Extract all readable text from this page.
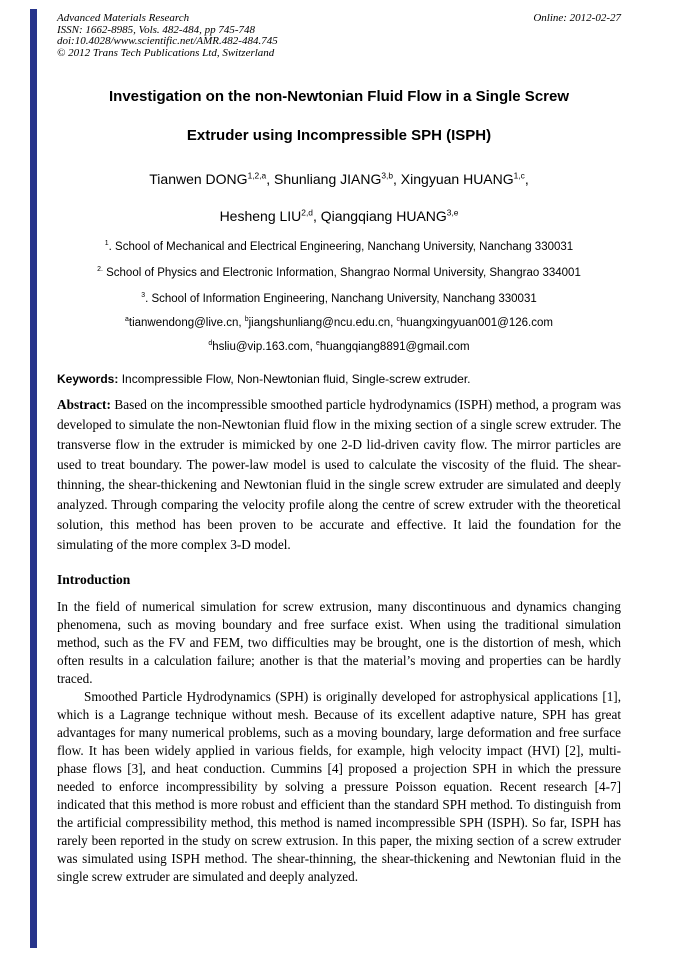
Advanced Materials Research	Online: 2012-02-27
ISSN: 1662-8985, Vols. 482-484, pp 745-748
doi:10.4028/www.scientific.net/AMR.482-484.745
© 2012 Trans Tech Publications Ltd, Switzerland
Investigation on the non-Newtonian Fluid Flow in a Single Screw
Extruder using Incompressible SPH (ISPH)
Tianwen DONG$^{1,2,a}$, Shunliang JIANG$^{3,b}$, Xingyuan HUANG$^{1,c}$,
Hesheng LIU$^{2,d}$, Qiangqiang HUANG$^{3,e}$
$^1$. School of Mechanical and Electrical Engineering, Nanchang University, Nanchang 330031
$^{2.}$ School of Physics and Electronic Information, Shangrao Normal University, Shangrao 334001
$^3$. School of Information Engineering, Nanchang University, Nanchang 330031
$^a$tianwendong@live.cn, $^b$jiangshunliang@ncu.edu.cn, $^c$huangxingyuan001@126.com
$^d$hsliu@vip.163.com, $^e$huangqiang8891@gmail.com

Keywords: Incompressible Flow, Non-Newtonian fluid, Single-screw extruder.

Abstract: Based on the incompressible smoothed particle hydrodynamics (ISPH) method, a program was developed to simulate the non-Newtonian fluid flow in the mixing section of a single screw extruder. The transverse flow in the extruder is mimicked by one 2-D lid-driven cavity flow. The mirror particles are used to treat boundary. The power-law model is used to calculate the viscosity of the fluid. The shear-thinning, the shear-thickening and Newtonian fluid in the single screw extruder are simulated and deeply analyzed. Through comparing the velocity profile along the centre of screw extruder with the theoretical solution, this method has been proven to be accurate and effective. It laid the foundation for the simulating of the more complex 3-D model.

Introduction

In the field of numerical simulation for screw extrusion, many discontinuous and dynamics changing phenomena, such as moving boundary and free surface exist. When using the traditional simulation method, such as the FV and FEM, two difficulties may be brought, one is the distortion of mesh, which often results in a calculation failure; another is that the material’s moving and properties can be hardly traced.

Smoothed Particle Hydrodynamics (SPH) is originally developed for astrophysical applications [1], which is a Lagrange technique without mesh. Because of its excellent adaptive nature, SPH has great advantages for many numerical problems, such as a moving boundary, large deformation and free surface flow. It has been widely applied in various fields, for example, high velocity impact (HVI) [2], multi-phase flows [3], and heat conduction. Cummins [4] proposed a projection SPH in which the pressure needed to enforce incompressibility by solving a pressure Poisson equation. Recent research [4-7] indicated that this method is more robust and efficient than the standard SPH method. To distinguish from the artificial compressibility method, this method is named incompressible SPH (ISPH). So far, ISPH has rarely been reported in the study on screw extrusion. In this paper, the mixing section of a screw extruder was simulated using ISPH method. The shear-thinning, the shear-thickening and Newtonian fluid in the single screw extruder are simulated and deeply analyzed.
